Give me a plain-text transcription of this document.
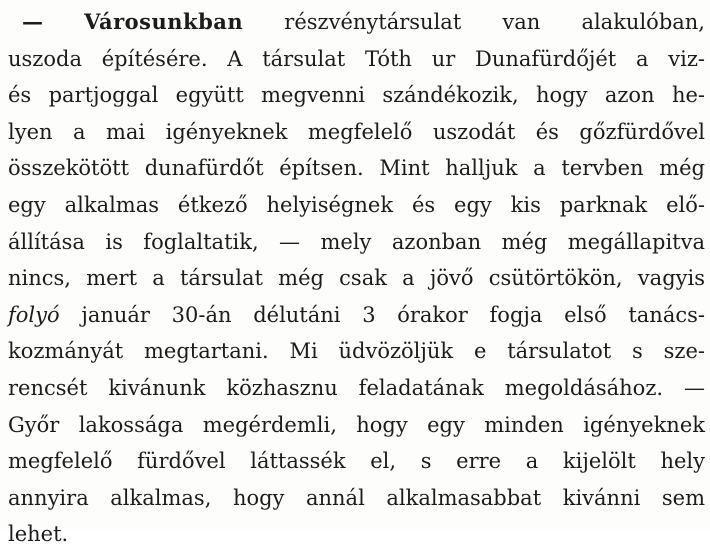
— Városunkban részvénytársulat van alakulóban,
uszoda építésére. A társulat Tóth ur Dunafürdőjét a viz-
és partjoggal együtt megvenni szándékozik, hogy azon he-
lyen a mai igényeknek megfelelő uszodát és gőzfürdővel
összekötött dunafürdőt építsen. Mint halljuk a tervben még
egy alkalmas étkező helyiségnek és egy kis parknak elő-
állítása is foglaltatik, — mely azonban még megállapitva
nincs, mert a társulat még csak a jövő csütörtökön, vagyis
folyó január 30-án délutáni 3 órakor fogja első tanács-
kozmányát megtartani. Mi üdvözöljük e társulatot s sze-
rencsét kivánunk közhasznu feladatának megoldásához. —
Győr lakossága megérdemli, hogy egy minden igényeknek
megfelelő fürdővel láttassék el, s erre a kijelölt hely
annyira alkalmas, hogy annál alkalmasabbat kivánni sem
lehet.
